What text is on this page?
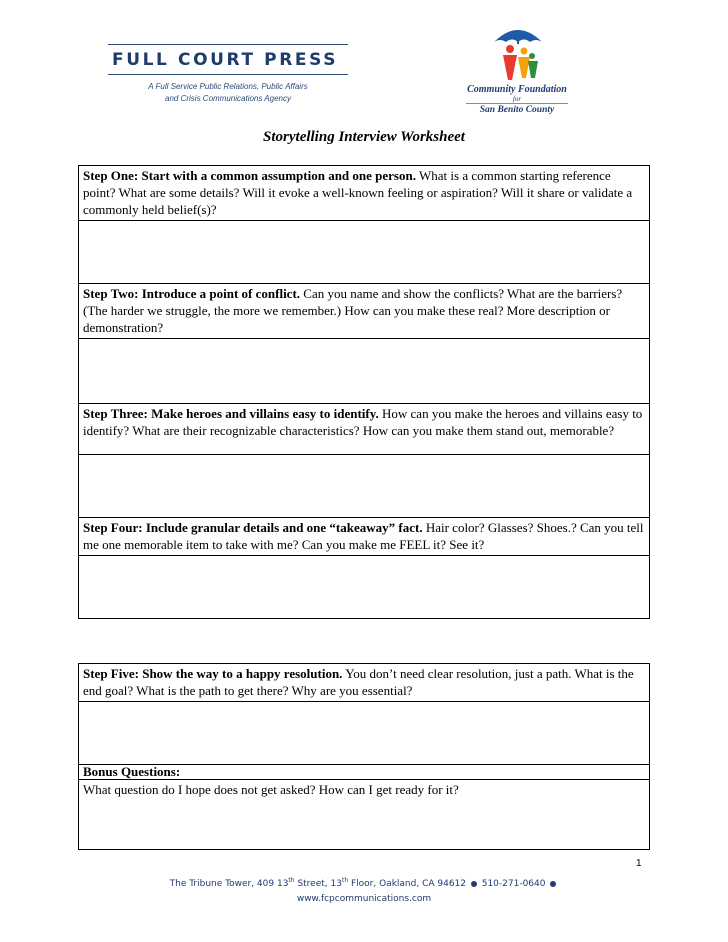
FULL COURT PRESS
A Full Service Public Relations, Public Affairs
and Crisis Communications Agency
Community Foundation
for
San Benito County
Storytelling Interview Worksheet
Step One: Start with a common assumption and one person. What is a common starting reference point? What are some details? Will it evoke a well-known feeling or aspiration? Will it share or validate a commonly held belief(s)?

Step Two: Introduce a point of conflict. Can you name and show the conflicts? What are the barriers? (The harder we struggle, the more we remember.) How can you make these real? More description or demonstration?

Step Three: Make heroes and villains easy to identify. How can you make the heroes and villains easy to identify? What are their recognizable characteristics? How can you make them stand out, memorable?

Step Four: Include granular details and one “takeaway” fact. Hair color? Glasses? Shoes.? Can you tell me one memorable item to take with me? Can you make me FEEL it? See it?

Step Five: Show the way to a happy resolution. You don’t need clear resolution, just a path. What is the end goal? What is the path to get there? Why are you essential?

Bonus Questions:
What question do I hope does not get asked? How can I get ready for it?
1
The Tribune Tower, 409 13th Street, 13th Floor, Oakland, CA 94612  510-271-0640
www.fcpcommunications.com
